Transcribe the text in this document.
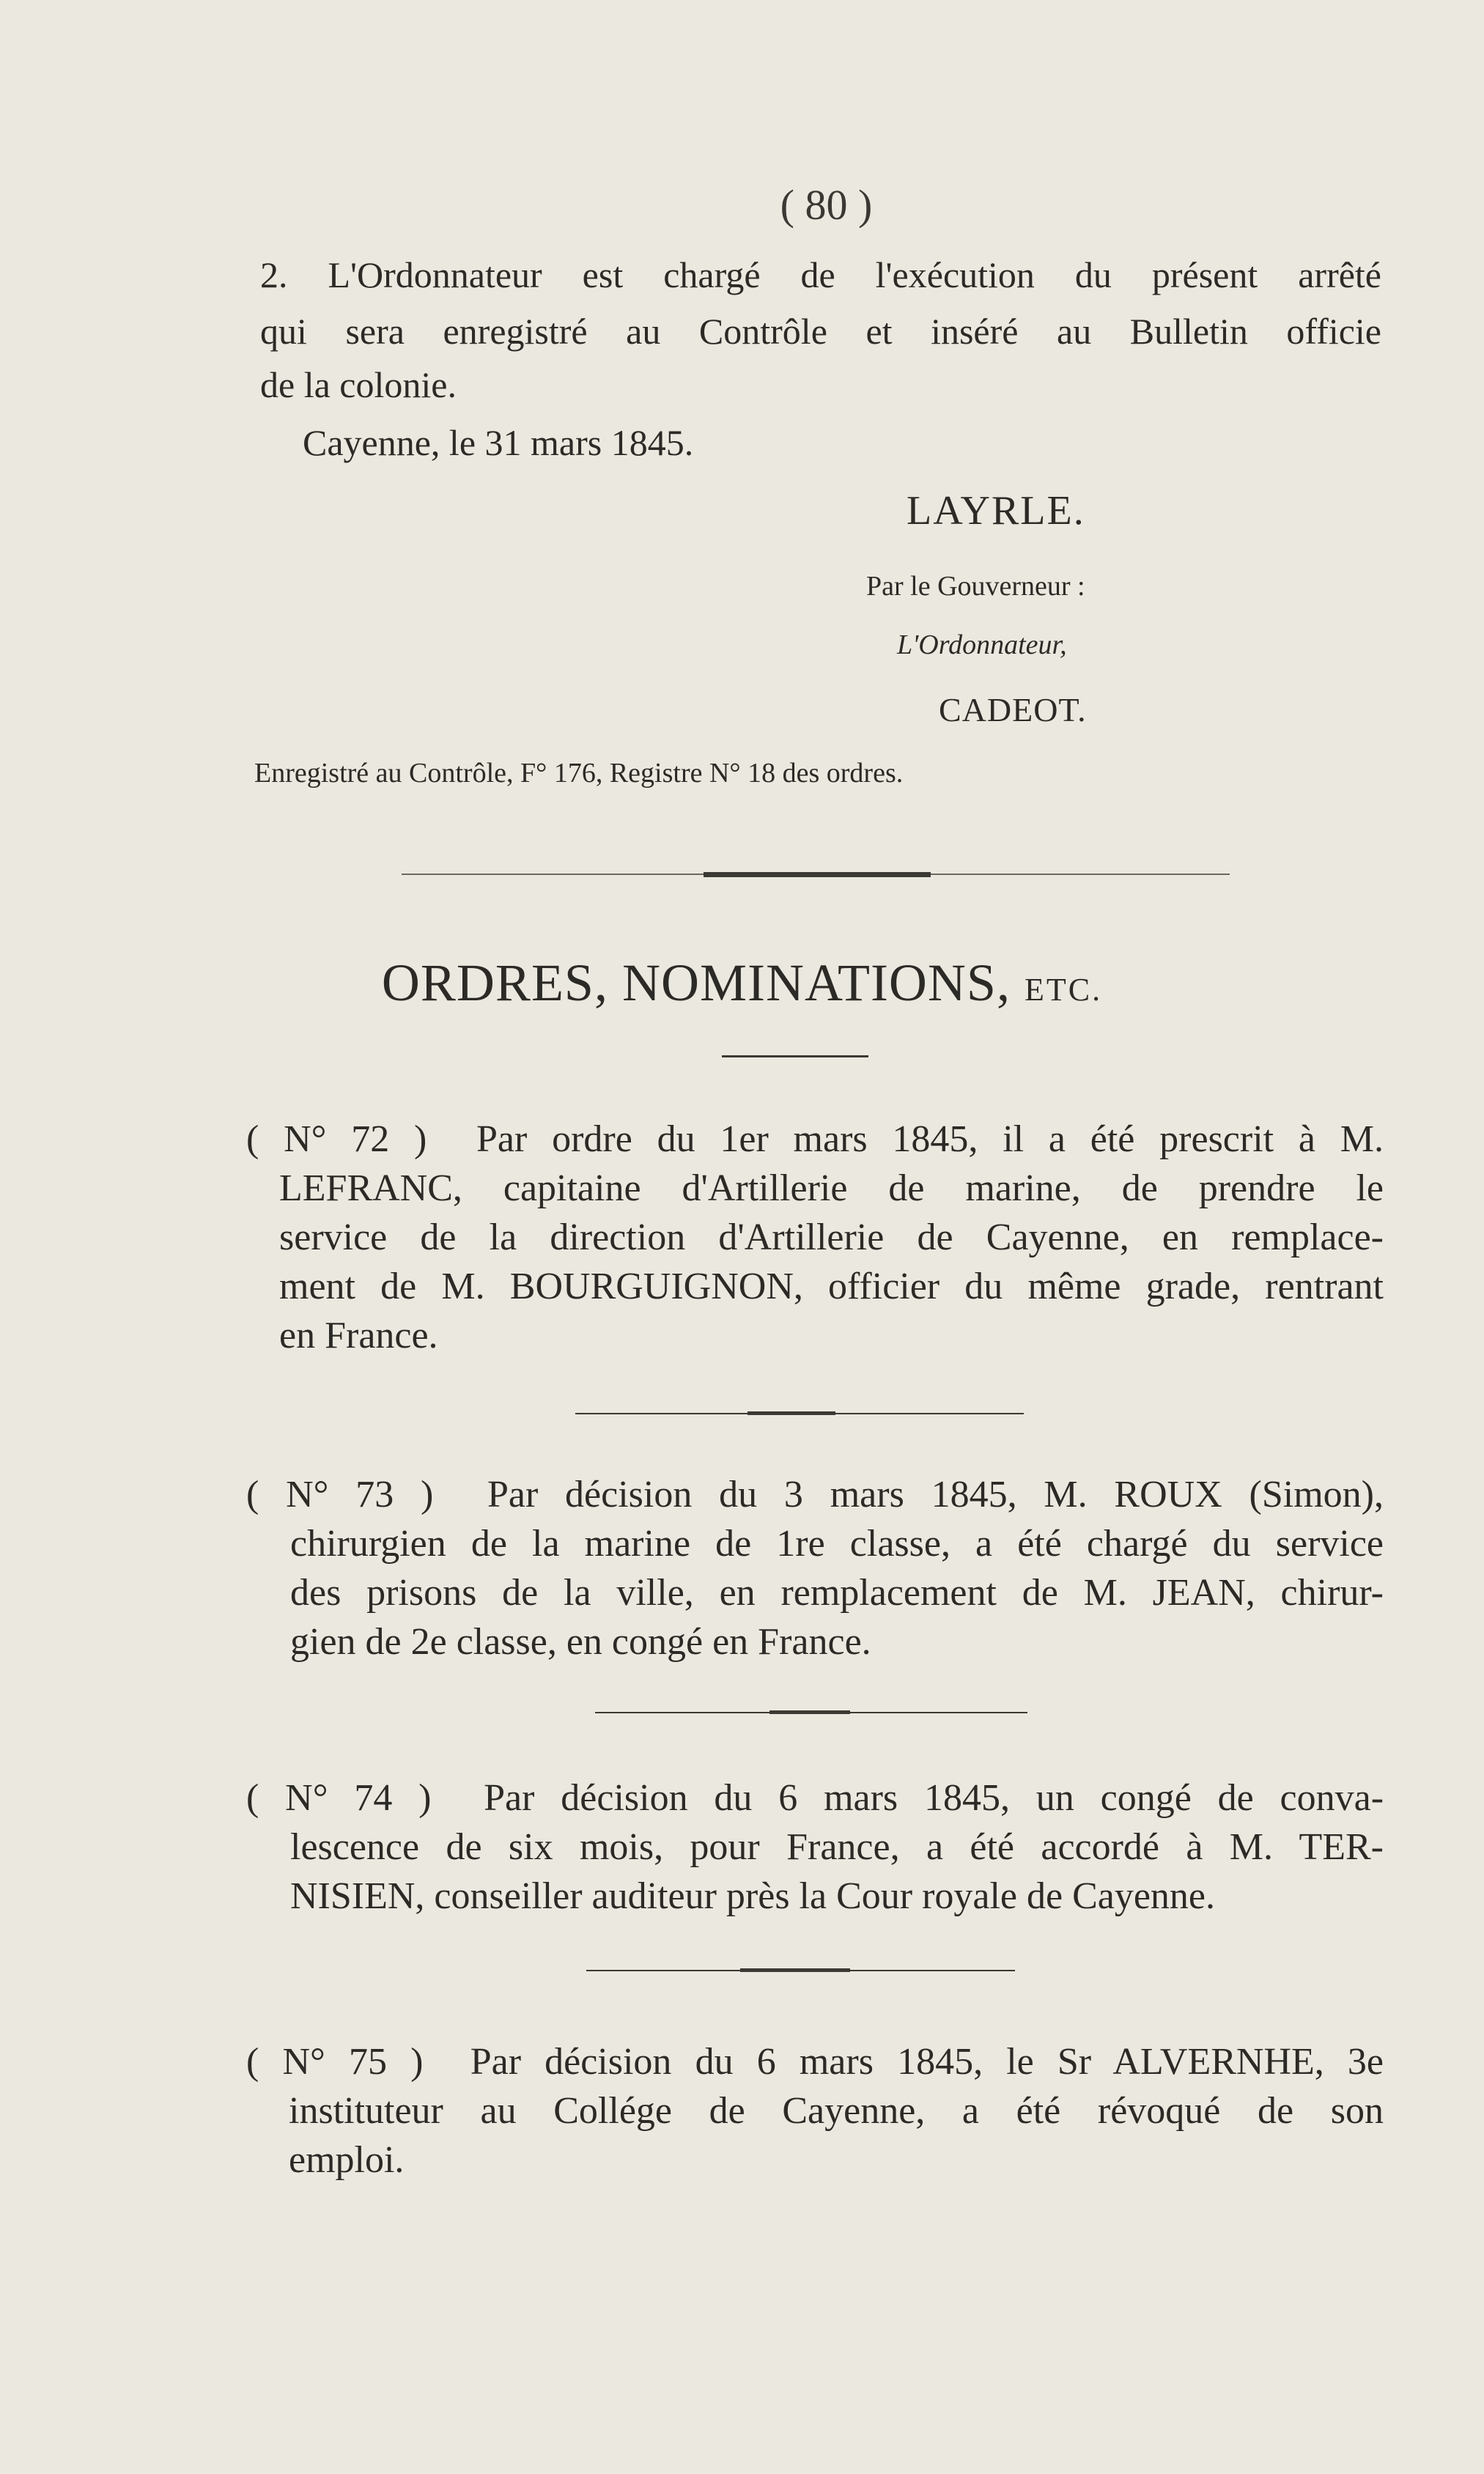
( 80 )
2. L'Ordonnateur est chargé de l'exécution du présent arrêté
qui sera enregistré au Contrôle et inséré au Bulletin officie
de la colonie.
Cayenne, le 31 mars 1845.
LAYRLE.
Par le Gouverneur :
L'Ordonnateur,
CADEOT.
Enregistré au Contrôle, F° 176, Registre N° 18 des ordres.
ORDRES, NOMINATIONS, ETC.
( N° 72 ) Par ordre du 1er mars 1845, il a été prescrit à M.
LEFRANC, capitaine d'Artillerie de marine, de prendre le
service de la direction d'Artillerie de Cayenne, en remplace-
ment de M. BOURGUIGNON, officier du même grade, rentrant
en France.
( N° 73 ) Par décision du 3 mars 1845, M. ROUX (Simon),
chirurgien de la marine de 1re classe, a été chargé du service
des prisons de la ville, en remplacement de M. JEAN, chirur-
gien de 2e classe, en congé en France.
( N° 74 ) Par décision du 6 mars 1845, un congé de conva-
lescence de six mois, pour France, a été accordé à M. TER-
NISIEN, conseiller auditeur près la Cour royale de Cayenne.
( N° 75 ) Par décision du 6 mars 1845, le Sr ALVERNHE, 3e
instituteur au Collége de Cayenne, a été révoqué de son
emploi.
